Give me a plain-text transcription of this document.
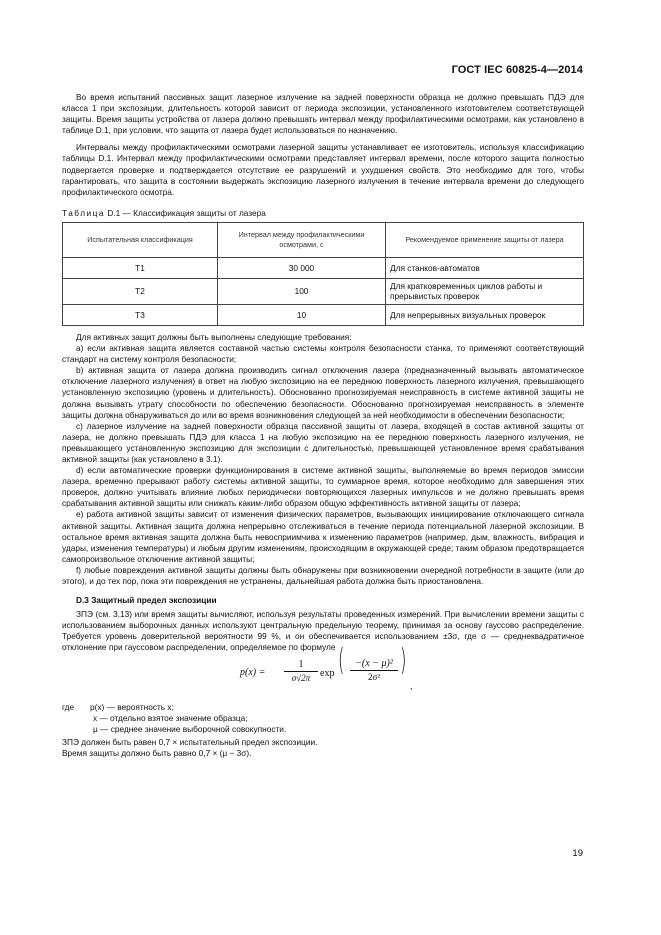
ГОСТ IEC 60825-4—2014

Во время испытаний пассивных защит лазерное излучение на задней поверхности образца не должно превышать ПДЭ для класса 1 при экспозиции, длительность которой зависит от периода экспозиции, установленного изготовителем соответствующей защиты. Время защиты устройства от лазера должно превышать интервал между профилактическими осмотрами, как установлено в таблице D.1, при условии, что защита от лазера будет использоваться по назначению.

Интервалы между профилактическими осмотрами лазерной защиты устанавливает ее изготовитель, используя классификацию таблицы D.1. Интервал между профилактическими осмотрами представляет интервал времени, после которого защита полностью подвергается проверке и подтверждается отсутствие ее разрушений и ухудшения свойств. Это необходимо для того, чтобы гарантировать, что защита в состоянии выдержать экспозицию лазерного излучения в течение интервала времени до следующего профилактического осмотра.

Таблица D.1 — Классификация защиты от лазера
Испытательная классификация	Интервал между профилактическими осмотрами, с	Рекомендуемое применение защиты от лазера
T1	30 000	Для станков-автоматов
T2	100	Для кратковременных циклов работы и прерывистых проверок
T3	10	Для непрерывных визуальных проверок

Для активных защит должны быть выполнены следующие требования:

а) если активная защита является составной частью системы контроля безопасности станка, то применяют соответствующий стандарт на систему контроля безопасности;

b) активная защита от лазера должна производить сигнал отключения лазера (предназначенный вызывать автоматическое отключение лазерного излучения) в ответ на любую экспозицию на ее переднюю поверхность лазерного излучения, превышающего установленную экспозицию (уровень и длительность). Обоснованно прогнозируемая неисправность в системе активной защиты не должна вызывать утрату способности по обеспечению безопасности. Обоснованно прогнозируемая неисправность в элементе защиты должна обнаруживаться до или во время возникновения следующей за ней необходимости в обеспечении безопасности;

с) лазерное излучение на задней поверхности образца пассивной защиты от лазера, входящей в состав активной защиты от лазера, не должно превышать ПДЭ для класса 1 на любую экспозицию на ее переднюю поверхность лазерного излучения, не превышающего установленную экспозицию для экспозиции с длительностью, превышающей установленное время срабатывания активной защиты (как установлено в 3.1).

d) если автоматические проверки функционирования в системе активной защиты, выполняемые во время периодов эмиссии лазера, временно прерывают работу системы активной защиты, то суммарное время, которое необходимо для завершения этих проверок, должно учитывать влияние любых периодически повторяющихся лазерных импульсов и не должно превышать время срабатывания активной защиты или снижать каким-либо образом общую эффективность активной защиты от лазера;

е) работа активной защиты зависит от изменения физических параметров, вызывающих инициирование отключающего сигнала активной защиты. Активная защита должна непрерывно отслеживаться в течение периода потенциальной лазерной экспозиции. В остальное время активная защита должна быть невосприимчива к изменению параметров (например, дым, влажность, вибрация и удары, изменения температуры) и любым другим изменениям, происходящим в окружающей среде; таким образом предотвращается самопроизвольное отключение активной защиты;

f) любые повреждения активной защиты должны быть обнаружены при возникновении очередной потребности в защите (или до этого), и до тех пор, пока эти повреждения не устранены, дальнейшая работа должна быть приостановлена.

D.3 Защитный предел экспозиции

ЗПЭ (см. 3.13) или время защиты вычисляют, используя результаты проведенных измерений. При вычислении времени защиты с использованием выборочных данных используют центральную предельную теорему, принимая за основу гауссово распределение. Требуется уровень доверительной вероятности 99 %, и он обеспечивается использованием ±3σ, где σ — среднеквадратичное отклонение при гауссовом распределении, определяемое по формуле

$p(x) = \frac{1}{\sigma√2\pi}$ exp ( $\frac{\text{−(x − μ)²}}{\text{2σ²}}$ )
,
где p(x) — вероятность x;
x — отдельно взятое значение образца;
μ — среднее значение выборочной совокупности.
ЗПЭ должен быть равен 0,7 × испытательный предел экспозиции.
Время защиты должно быть равно 0,7 × (μ − 3σ).
19
